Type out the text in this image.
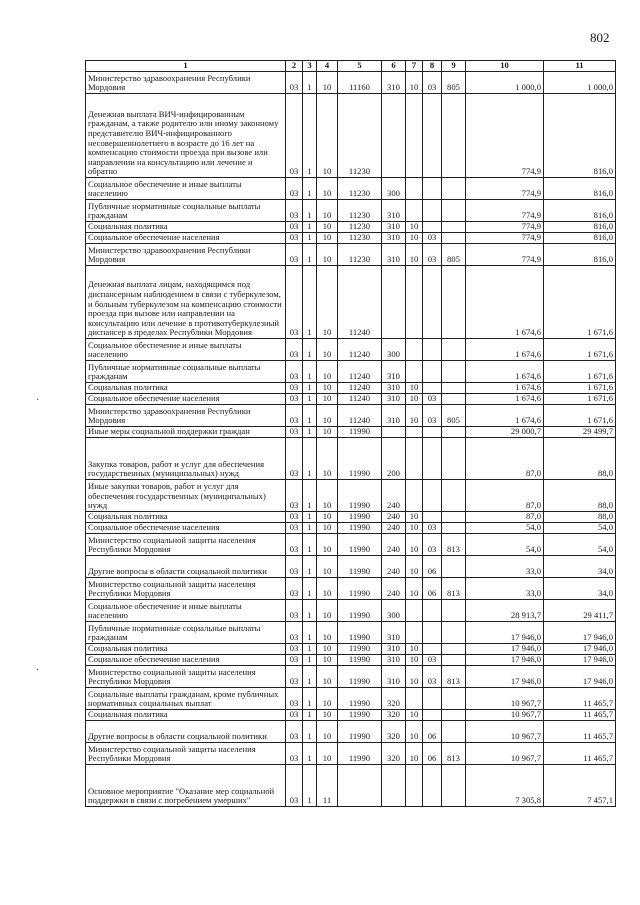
802
1	2	3	4	5	6	7	8	9	10	11
Министерство здравоохранения Республики Мордовия	03	1	10	11160	310	10	03	805	1 000,0	1 000,0
Денежная выплата ВИЧ-инфицированным гражданам, а также родителю или иному законному представителю ВИЧ-инфицированного несовершеннолетнего в возрасте до 16 лет на компенсацию стоимости проезда при вызове или направлении на консультацию или лечение и обратно	03	1	10	11230					774,9	816,0
Социальное обеспечение и иные выплаты населению	03	1	10	11230	300				774,9	816,0
Публичные нормативные социальные выплаты гражданам	03	1	10	11230	310				774,9	816,0
Социальная политика	03	1	10	11230	310	10			774,9	816,0
Социальное обеспечение населения	03	1	10	11230	310	10	03		774,9	816,0
Министерство здравоохранения Республики Мордовия	03	1	10	11230	310	10	03	805	774,9	816,0
Денежная выплата лицам, находящимся под диспансерным наблюдением в связи с туберкулезом, и больным туберкулезом на компенсацию стоимости проезда при вызове или направлении на консультацию или лечение в противотуберкулезный диспансер в пределах Республики Мордовия	03	1	10	11240					1 674,6	1 671,6
Социальное обеспечение и иные выплаты населению	03	1	10	11240	300				1 674,6	1 671,6
Публичные нормативные социальные выплаты гражданам	03	1	10	11240	310				1 674,6	1 671,6
Социальная политика	03	1	10	11240	310	10			1 674,6	1 671,6
Социальное обеспечение населения	03	1	10	11240	310	10	03		1 674,6	1 671,6
Министерство здравоохранения Республики Мордовия	03	1	10	11240	310	10	03	805	1 674,6	1 671,6
Иные меры социальной поддержки граждан	03	1	10	11990					29 000,7	29 499,7
Закупка товаров, работ и услуг для обеспечения государственных (муниципальных) нужд	03	1	10	11990	200				87,0	88,0
Иные закупки товаров, работ и услуг для обеспечения государственных (муниципальных) нужд	03	1	10	11990	240				87,0	88,0
Социальная политика	03	1	10	11990	240	10			87,0	88,0
Социальное обеспечение населения	03	1	10	11990	240	10	03		54,0	54,0
Министерство социальной защиты населения Республики Мордовия	03	1	10	11990	240	10	03	813	54,0	54,0
Другие вопросы в области социальной политики	03	1	10	11990	240	10	06		33,0	34,0
Министерство социальной защиты населения Республики Мордовия	03	1	10	11990	240	10	06	813	33,0	34,0
Социальное обеспечение и иные выплаты населению	03	1	10	11990	300				28 913,7	29 411,7
Публичные нормативные социальные выплаты гражданам	03	1	10	11990	310				17 946,0	17 946,0
Социальная политика	03	1	10	11990	310	10			17 946,0	17 946,0
Социальное обеспечение населения	03	1	10	11990	310	10	03		17 946,0	17 946,0
Министерство социальной защиты населения Республики Мордовия	03	1	10	11990	310	10	03	813	17 946,0	17 946,0
Социальные выплаты гражданам, кроме публичных нормативных социальных выплат	03	1	10	11990	320				10 967,7	11 465,7
Социальная политика	03	1	10	11990	320	10			10 967,7	11 465,7
Другие вопросы в области социальной политики	03	1	10	11990	320	10	06		10 967,7	11 465,7
Министерство социальной защиты населения Республики Мордовия	03	1	10	11990	320	10	06	813	10 967,7	11 465,7
Основное мероприятие "Оказание мер социальной поддержки в связи с погребением умерших"	03	1	11						7 305,8	7 457,1
·
·
